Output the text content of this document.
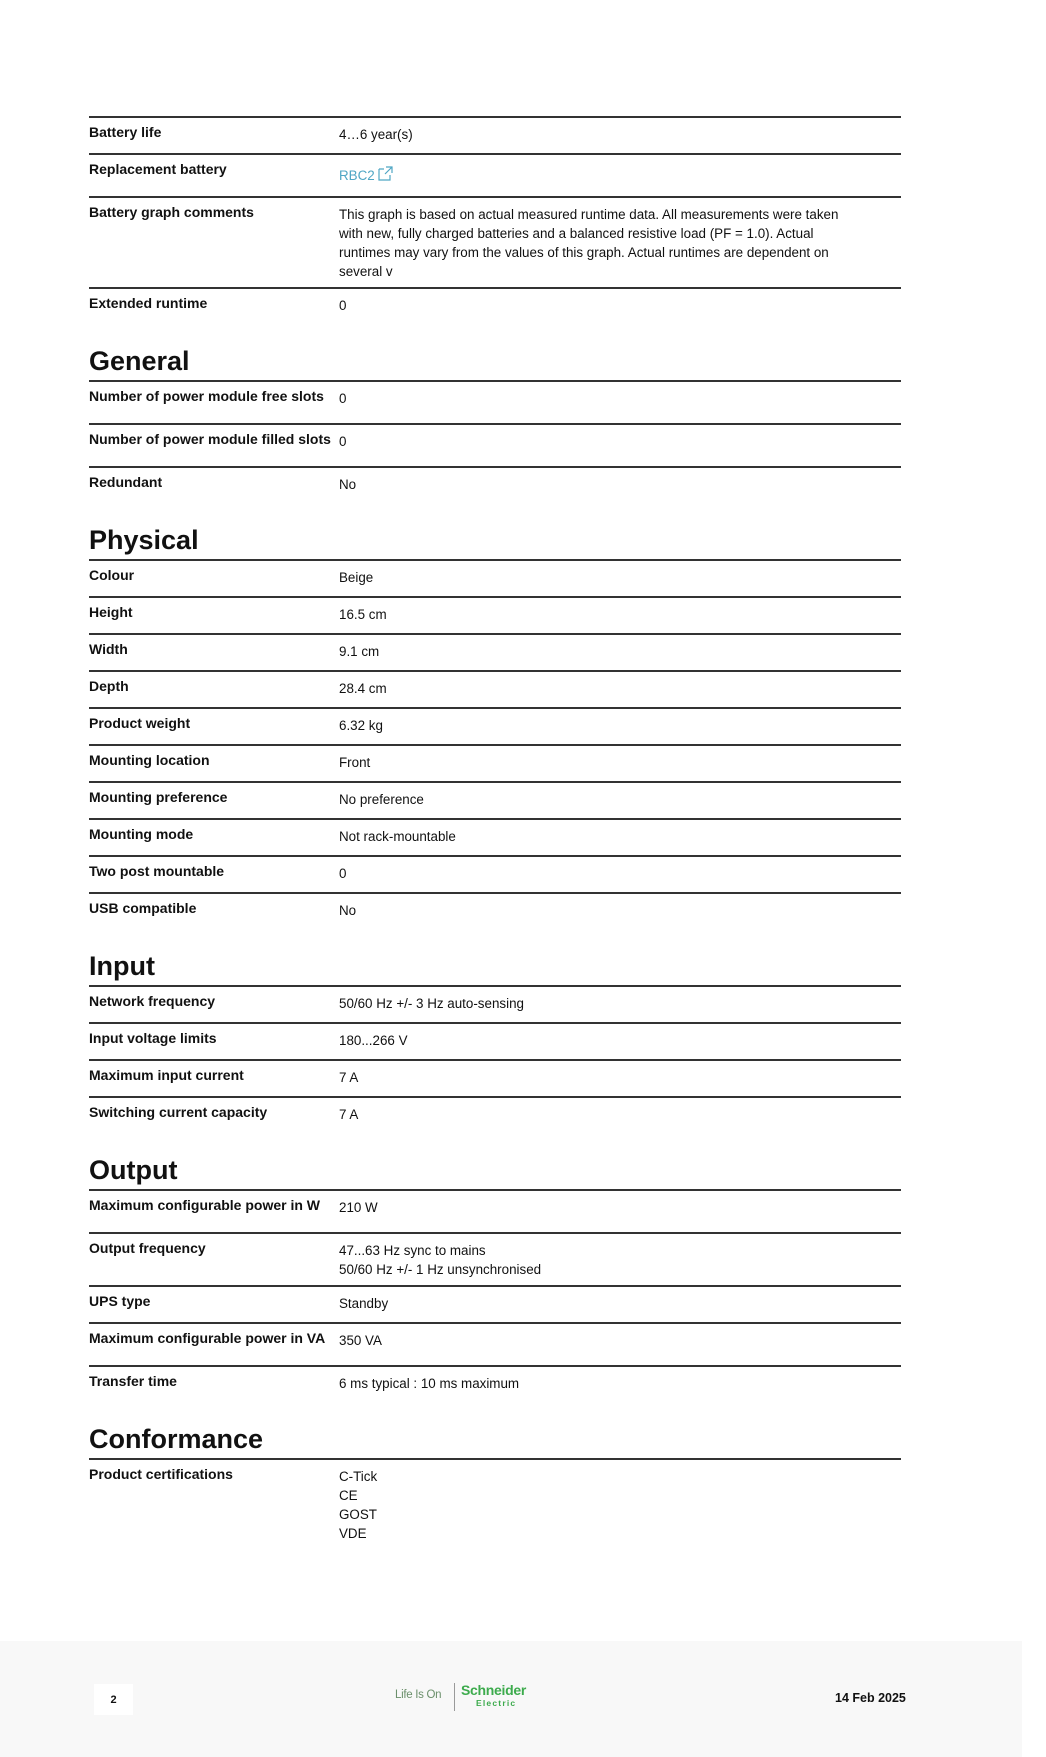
Battery life	4…6 year(s)
Replacement battery	RBC2
Battery graph comments	This graph is based on actual measured runtime data. All measurements were taken
with new, fully charged batteries and a balanced resistive load (PF = 1.0). Actual
runtimes may vary from the values of this graph. Actual runtimes are dependent on
several v
Extended runtime	0
General
Number of power module free slots	0
Number of power module filled slots 0
Redundant	No
Physical
Colour	Beige
Height	16.5 cm
Width	9.1 cm
Depth	28.4 cm
Product weight	6.32 kg
Mounting location	Front
Mounting preference	No preference
Mounting mode	Not rack-mountable
Two post mountable	0
USB compatible	No
Input
Network frequency	50/60 Hz +/- 3 Hz auto-sensing
Input voltage limits	180...266 V
Maximum input current	7 A
Switching current capacity	7 A
Output
Maximum configurable power in W	210 W
Output frequency	47...63 Hz sync to mains
50/60 Hz +/- 1 Hz unsynchronised
UPS type	Standby
Maximum configurable power in VA	350 VA
Transfer time	6 ms typical : 10 ms maximum
Conformance
Product certifications	C-Tick
CE
GOST
VDE
2	Life Is On Schneider
Electric	14 Feb 2025
